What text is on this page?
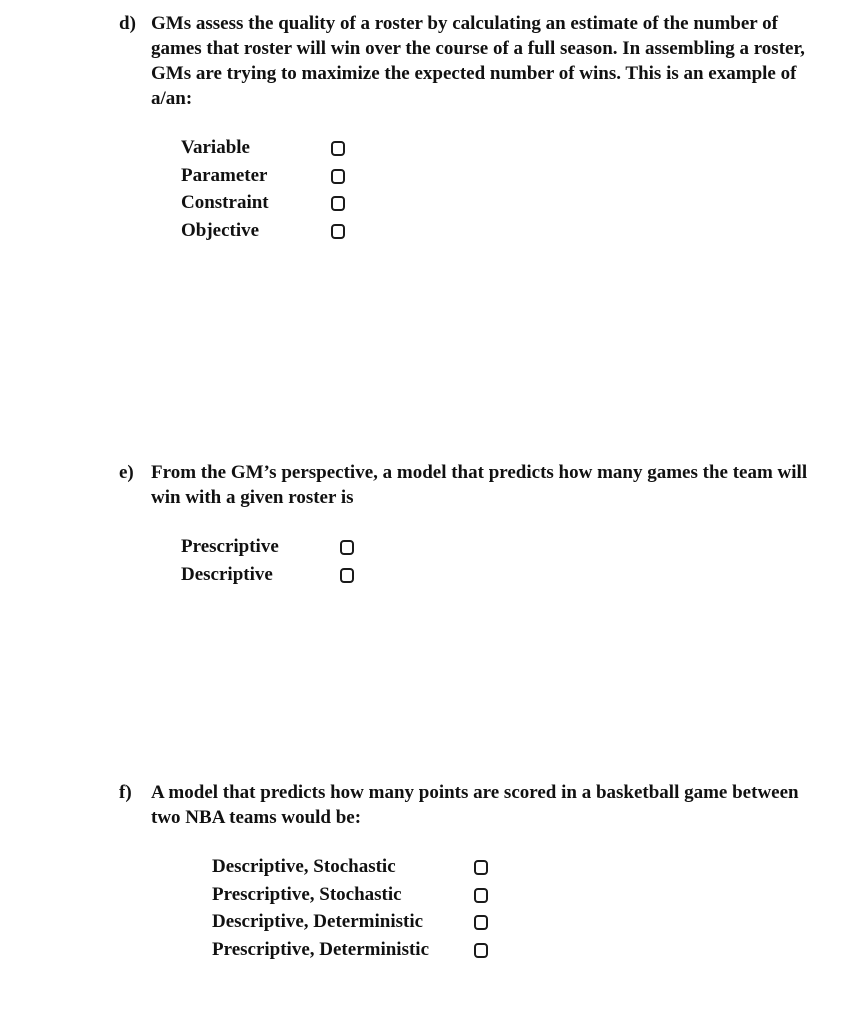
d) GMs assess the quality of a roster by calculating an estimate of the number of games that roster will win over the course of a full season. In assembling a roster, GMs are trying to maximize the expected number of wins. This is an example of a/an:
Variable
Parameter
Constraint
Objective
e) From the GM’s perspective, a model that predicts how many games the team will win with a given roster is
Prescriptive
Descriptive
f)	A model that predicts how many points are scored in a basketball game between two NBA teams would be:
Descriptive, Stochastic
Prescriptive, Stochastic
Descriptive, Deterministic
Prescriptive, Deterministic
